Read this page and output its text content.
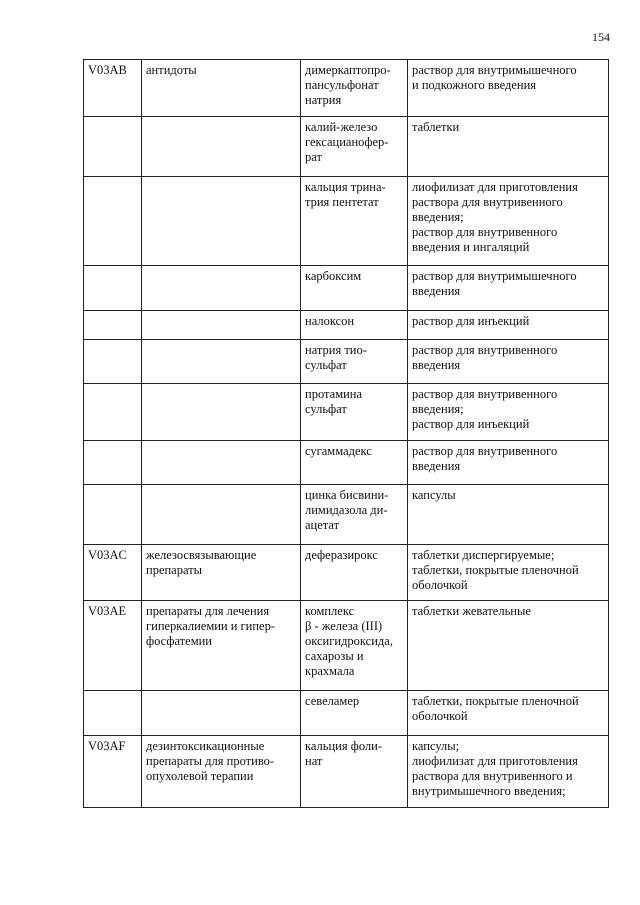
154
V03AB	антидоты	димеркаптопро-
пансульфонат
натрия	раствор для внутримышечного
и подкожного введения

		калий-железо
гексацианофер-
рат	таблетки

		кальция трина-
трия пентетат	лиофилизат для приготовления
раствора для внутривенного
введения;
раствор для внутривенного
введения и ингаляций

		карбоксим	раствор для внутримышечного
введения

		налоксон	раствор для инъекций

		натрия тио-
сульфат	раствор для внутривенного
введения

		протамина
сульфат	раствор для внутривенного
введения;
раствор для инъекций

		сугаммадекс	раствор для внутривенного
введения

		цинка бисвини-
лимидазола ди-
ацетат	капсулы

V03AC	железосвязывающие
препараты	деферазирокс	таблетки диспергируемые;
таблетки, покрытые пленочной
оболочкой

V03AE	препараты для лечения
гиперкалиемии и гипер-
фосфатемии	комплекс
β - железа (III)
оксигидроксида,
сахарозы и
крахмала	таблетки жевательные

		севеламер	таблетки, покрытые пленочной
оболочкой

V03AF	дезинтоксикационные
препараты для противо-
опухолевой терапии	кальция фоли-
нат	капсулы;
лиофилизат для приготовления
раствора для внутривенного и
внутримышечного введения;
